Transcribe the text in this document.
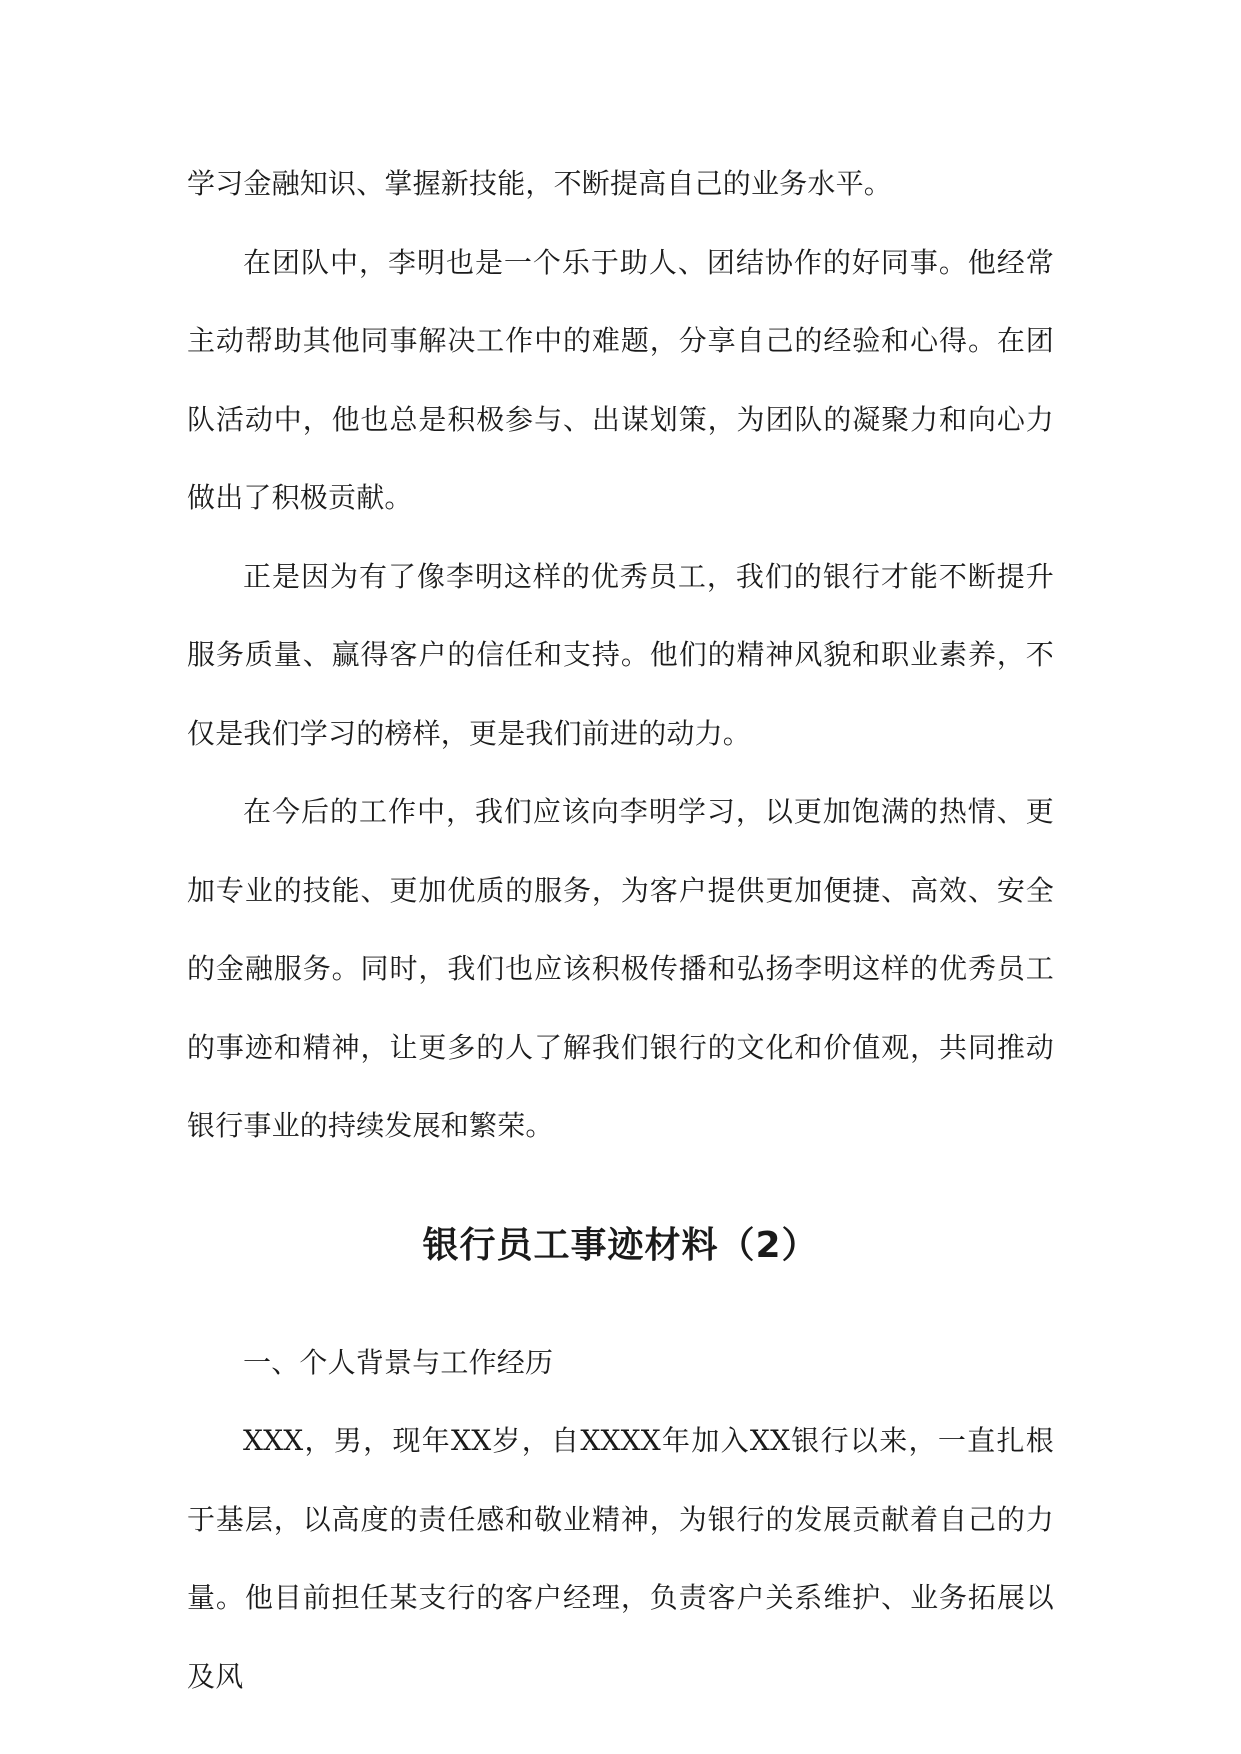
学习金融知识、掌握新技能，不断提高自己的业务水平。

在团队中，李明也是一个乐于助人、团结协作的好同事。他经常主动帮助其他同事解决工作中的难题，分享自己的经验和心得。在团队活动中，他也总是积极参与、出谋划策，为团队的凝聚力和向心力做出了积极贡献。

正是因为有了像李明这样的优秀员工，我们的银行才能不断提升服务质量、赢得客户的信任和支持。他们的精神风貌和职业素养，不仅是我们学习的榜样，更是我们前进的动力。

在今后的工作中，我们应该向李明学习，以更加饱满的热情、更加专业的技能、更加优质的服务，为客户提供更加便捷、高效、安全的金融服务。同时，我们也应该积极传播和弘扬李明这样的优秀员工的事迹和精神，让更多的人了解我们银行的文化和价值观，共同推动银行事业的持续发展和繁荣。

银行员工事迹材料（2）

一、个人背景与工作经历

XXX，男，现年XX岁，自XXXX年加入XX银行以来，一直扎根于基层，以高度的责任感和敬业精神，为银行的发展贡献着自己的力量。他目前担任某支行的客户经理，负责客户关系维护、业务拓展以及风
